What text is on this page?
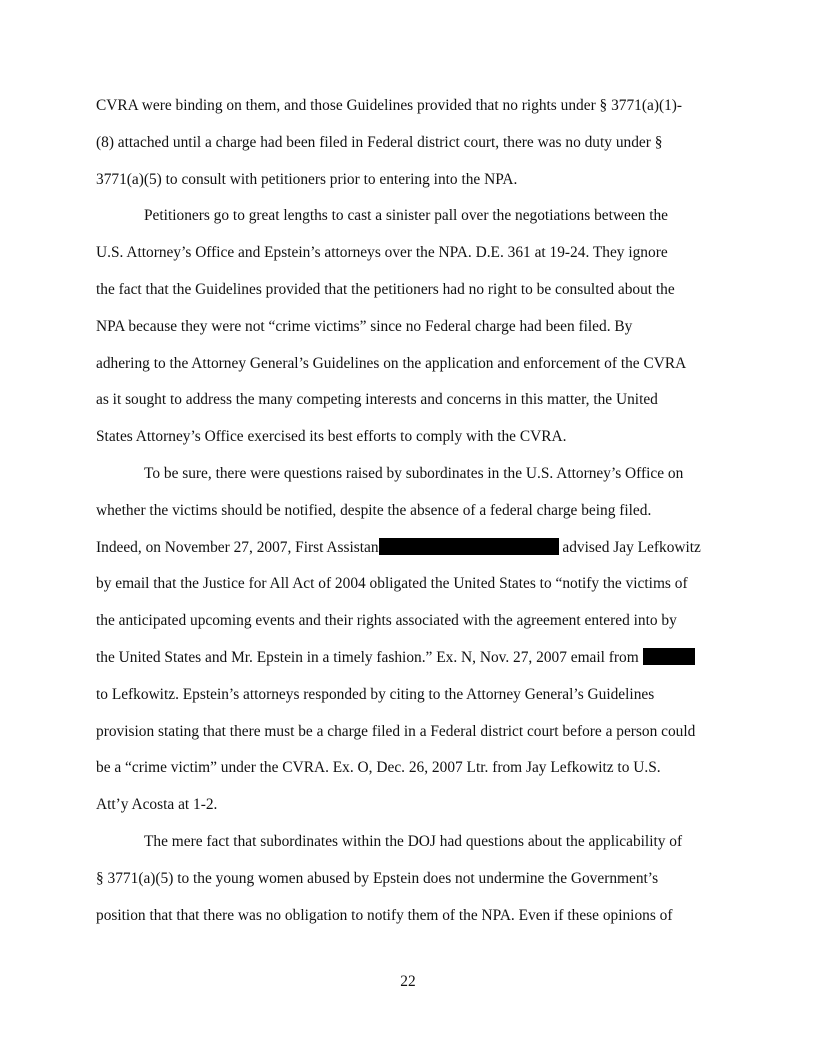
CVRA were binding on them, and those Guidelines provided that no rights under § 3771(a)(1)-
(8) attached until a charge had been filed in Federal district court, there was no duty under §
3771(a)(5) to consult with petitioners prior to entering into the NPA.
Petitioners go to great lengths to cast a sinister pall over the negotiations between the
U.S. Attorney’s Office and Epstein’s attorneys over the NPA. D.E. 361 at 19-24. They ignore
the fact that the Guidelines provided that the petitioners had no right to be consulted about the
NPA because they were not “crime victims” since no Federal charge had been filed. By
adhering to the Attorney General’s Guidelines on the application and enforcement of the CVRA
as it sought to address the many competing interests and concerns in this matter, the United
States Attorney’s Office exercised its best efforts to comply with the CVRA.
To be sure, there were questions raised by subordinates in the U.S. Attorney’s Office on
whether the victims should be notified, despite the absence of a federal charge being filed.
Indeed, on November 27, 2007, First Assistan	advised Jay Lefkowitz
by email that the Justice for All Act of 2004 obligated the United States to “notify the victims of
the anticipated upcoming events and their rights associated with the agreement entered into by
the United States and Mr. Epstein in a timely fashion.” Ex. N, Nov. 27, 2007 email from
to Lefkowitz. Epstein’s attorneys responded by citing to the Attorney General’s Guidelines
provision stating that there must be a charge filed in a Federal district court before a person could
be a “crime victim” under the CVRA. Ex. O, Dec. 26, 2007 Ltr. from Jay Lefkowitz to U.S.
Att’y Acosta at 1-2.
The mere fact that subordinates within the DOJ had questions about the applicability of
§ 3771(a)(5) to the young women abused by Epstein does not undermine the Government’s
position that that there was no obligation to notify them of the NPA. Even if these opinions of
22
